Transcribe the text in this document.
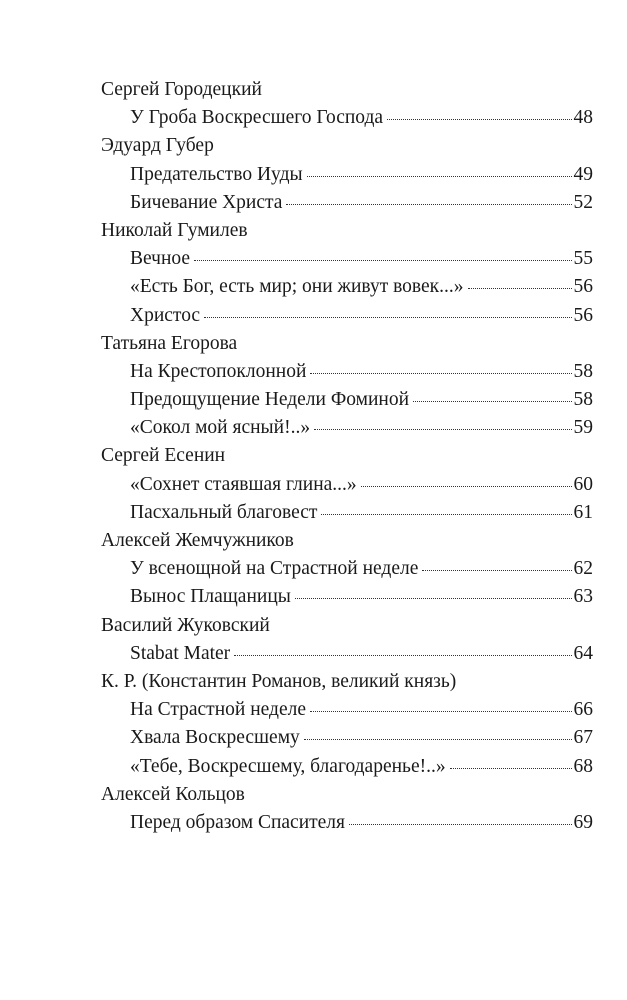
Сергей Городецкий
У Гроба Воскресшего Господа	48
Эдуард Губер
Предательство Иуды	49
Бичевание Христа	52
Николай Гумилев
Вечное	55
«Есть Бог, есть мир; они живут вовек...»	56
Христос	56
Татьяна Егорова
На Крестопоклонной	58
Предощущение Недели Фоминой	58
«Сокол мой ясный!..»	59
Сергей Есенин
«Сохнет стаявшая глина...»	60
Пасхальный благовест	61
Алексей Жемчужников
У всенощной на Страстной неделе	62
Вынос Плащаницы	63
Василий Жуковский
Stabat Mater	64
К. Р. (Константин Романов, великий князь)
На Страстной неделе	66
Хвала Воскресшему	67
«Тебе, Воскресшему, благодаренье!..»	68
Алексей Кольцов
Перед образом Спасителя	69
